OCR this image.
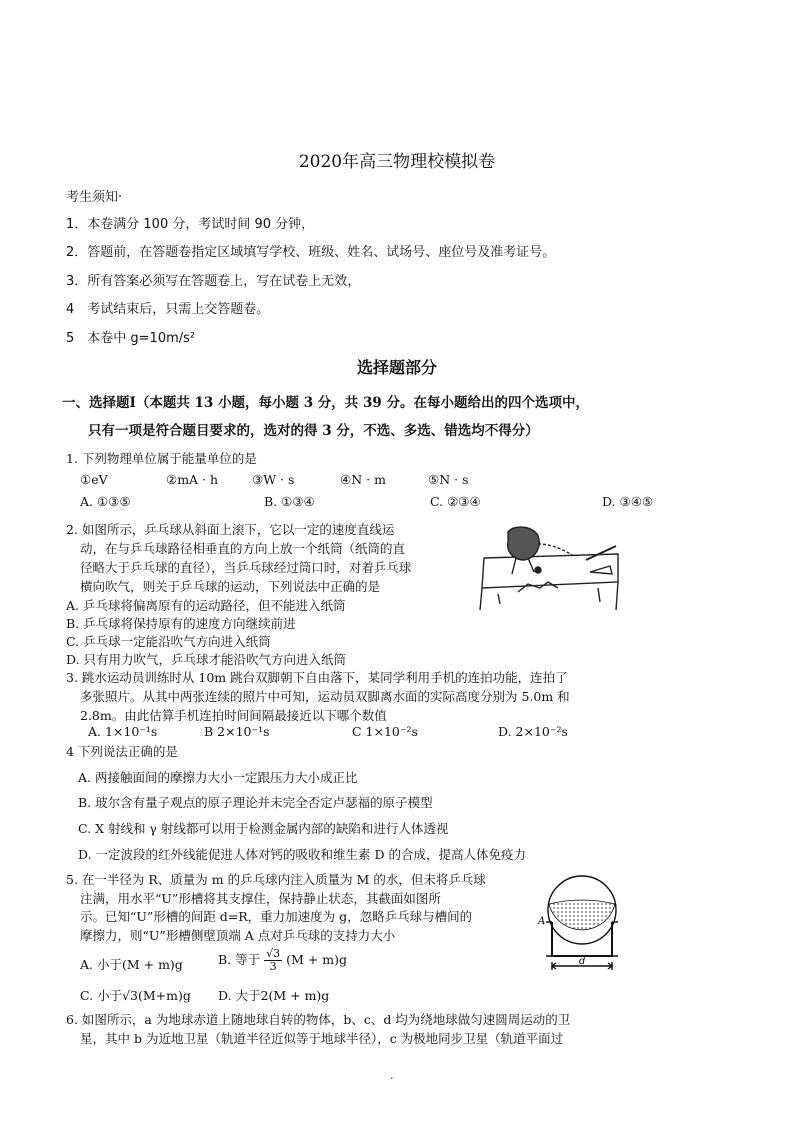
2020年高三物理校模拟卷
考生须知·
1．本卷满分 100 分，考试时间 90 分钟，
2．答题前，在答题卷指定区域填写学校、班级、姓名、试场号、座位号及准考证号。
3．所有答案必须写在答题卷上，写在试卷上无效，
4　考试结束后，只需上交答题卷。
5　本卷中 g=10m/s²
选择题部分
一、选择题Ⅰ（本题共 13 小题，每小题 3 分，共 39 分。在每小题给出的四个选项中，
只有一项是符合题目要求的，选对的得 3 分，不选、多选、错选均不得分）
1. 下列物理单位属于能量单位的是
①eV	②mA · h	③W · s	④N · m	⑤N · s
A. ①③⑤	B. ①③④	C. ②③④	D. ③④⑤
2. 如图所示，乒乓球从斜面上滚下，它以一定的速度直线运
动，在与乒乓球路径相垂直的方向上放一个纸筒（纸筒的直
径略大于乒乓球的直径），当乒乓球经过筒口时，对着乒乓球
横向吹气，则关于乒乓球的运动，下列说法中正确的是
A. 乒乓球将偏离原有的运动路径，但不能进入纸筒
B. 乒乓球将保持原有的速度方向继续前进
C. 乒乓球一定能沿吹气方向进入纸筒
D. 只有用力吹气，乒乓球才能沿吹气方向进入纸筒
3. 跳水运动员训练时从 10m 跳台双脚朝下自由落下，某同学利用手机的连拍功能，连拍了
多张照片。从其中两张连续的照片中可知，运动员双脚离水面的实际高度分别为 5.0m 和
2.8m。由此估算手机连拍时间间隔最接近以下哪个数值
A. 1×10⁻¹s	B 2×10⁻¹s	C 1×10⁻²s	D. 2×10⁻²s
4 下列说法正确的是
A. 两接触面间的摩擦力大小一定跟压力大小成正比
B. 玻尔含有量子观点的原子理论并未完全否定卢瑟福的原子模型
C. X 射线和 γ 射线都可以用于检测金属内部的缺陷和进行人体透视
D. 一定波段的红外线能促进人体对钙的吸收和维生素 D 的合成，提高人体免疫力
5. 在一半径为 R、质量为 m 的乒乓球内注入质量为 M 的水，但未将乒乓球
注满，用水平“U”形槽将其支撑住，保持静止状态，其截面如图所
示。已知“U”形槽的间距 d=R，重力加速度为 g，忽略乒乓球与槽间的
摩擦力，则“U”形槽侧壁顶端 A 点对乒乓球的支持力大小
A. 小于(M + m)g	B. 等于 $\frac{√3}{3} (M + m)g$
C. 小于√3(M+m)g D. 大于2(M + m)g
A
d
6. 如图所示，a 为地球赤道上随地球自转的物体，b、c、d 均为绕地球做匀速圆周运动的卫
星，其中 b 为近地卫星（轨道半径近似等于地球半径），c 为极地同步卫星（轨道平面过
·
